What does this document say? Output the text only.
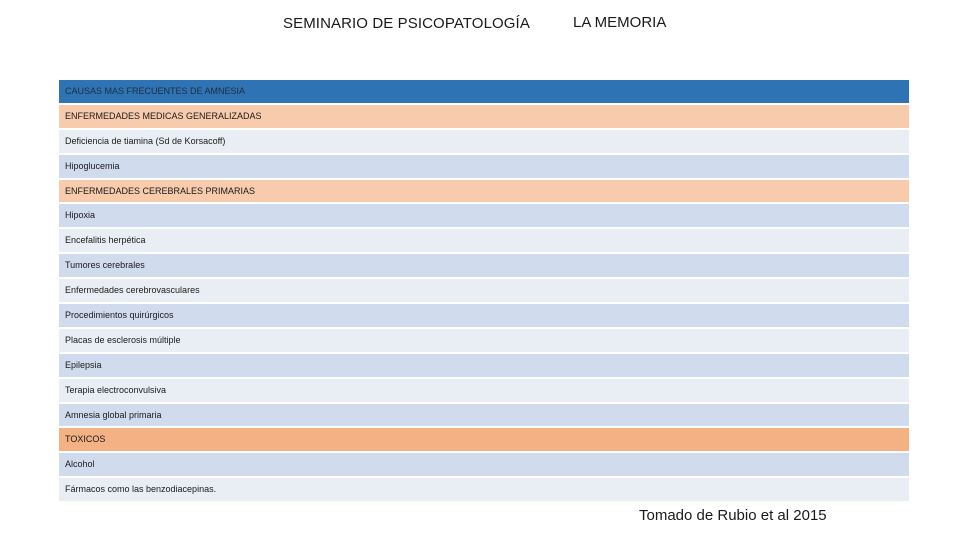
SEMINARIO DE PSICOPATOLOGÍA	LA MEMORIA
CAUSAS MAS FRECUENTES DE AMNESIA
ENFERMEDADES MEDICAS GENERALIZADAS
Deficiencia de tiamina (Sd de Korsacoff)
Hipoglucemia
ENFERMEDADES CEREBRALES PRIMARIAS
Hipoxia
Encefalitis herpética
Tumores cerebrales
Enfermedades cerebrovasculares
Procedimientos quirúrgicos
Placas de esclerosis múltiple
Epilepsia
Terapia electroconvulsiva
Amnesia global primaria
TOXICOS
Alcohol
Fármacos como las benzodiacepinas.
Tomado de Rubio et al 2015
